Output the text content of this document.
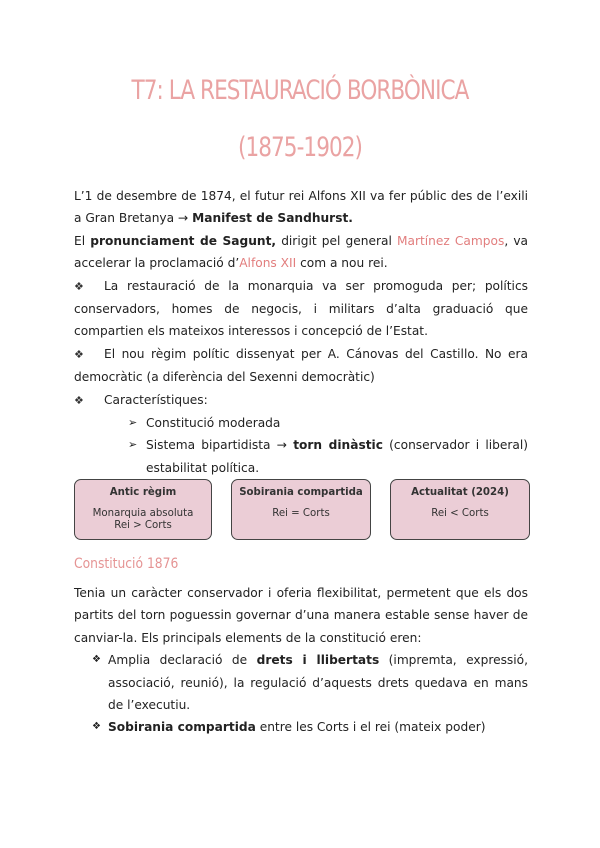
T7: LA RESTAURACIÓ BORBÒNICA
(1875-1902)

L’1 de desembre de 1874, el futur rei Alfons XII va fer públic des de l’exili a Gran Bretanya → Manifest de Sandhurst.

El pronunciament de Sagunt, dirigit pel general Martínez Campos, va accelerar la proclamació d’Alfons XII com a nou rei.

❖ La restauració de la monarquia va ser promoguda per; polítics conservadors, homes de negocis, i militars d’alta graduació que compartien els mateixos interessos i concepció de l’Estat.
❖ El nou règim polític dissenyat per A. Cánovas del Castillo. No era democràtic (a diferència del Sexenni democràtic)
❖ Característiques:
➢ Constitució moderada
➢ Sistema bipartidista → torn dinàstic (conservador i liberal) estabilitat política.
Antic règim
Monarquia absoluta
Rei > Corts
Sobirania compartida
Rei = Corts
Actualitat (2024)
Rei < Corts
Constitució 1876

Tenia un caràcter conservador i oferia flexibilitat, permetent que els dos partits del torn poguessin governar d’una manera estable sense haver de canviar-la. Els principals elements de la constitució eren:

❖ Amplia declaració de drets i llibertats (impremta, expressió, associació, reunió), la regulació d’aquests drets quedava en mans de l’executiu.
❖ Sobirania compartida entre les Corts i el rei (mateix poder)
